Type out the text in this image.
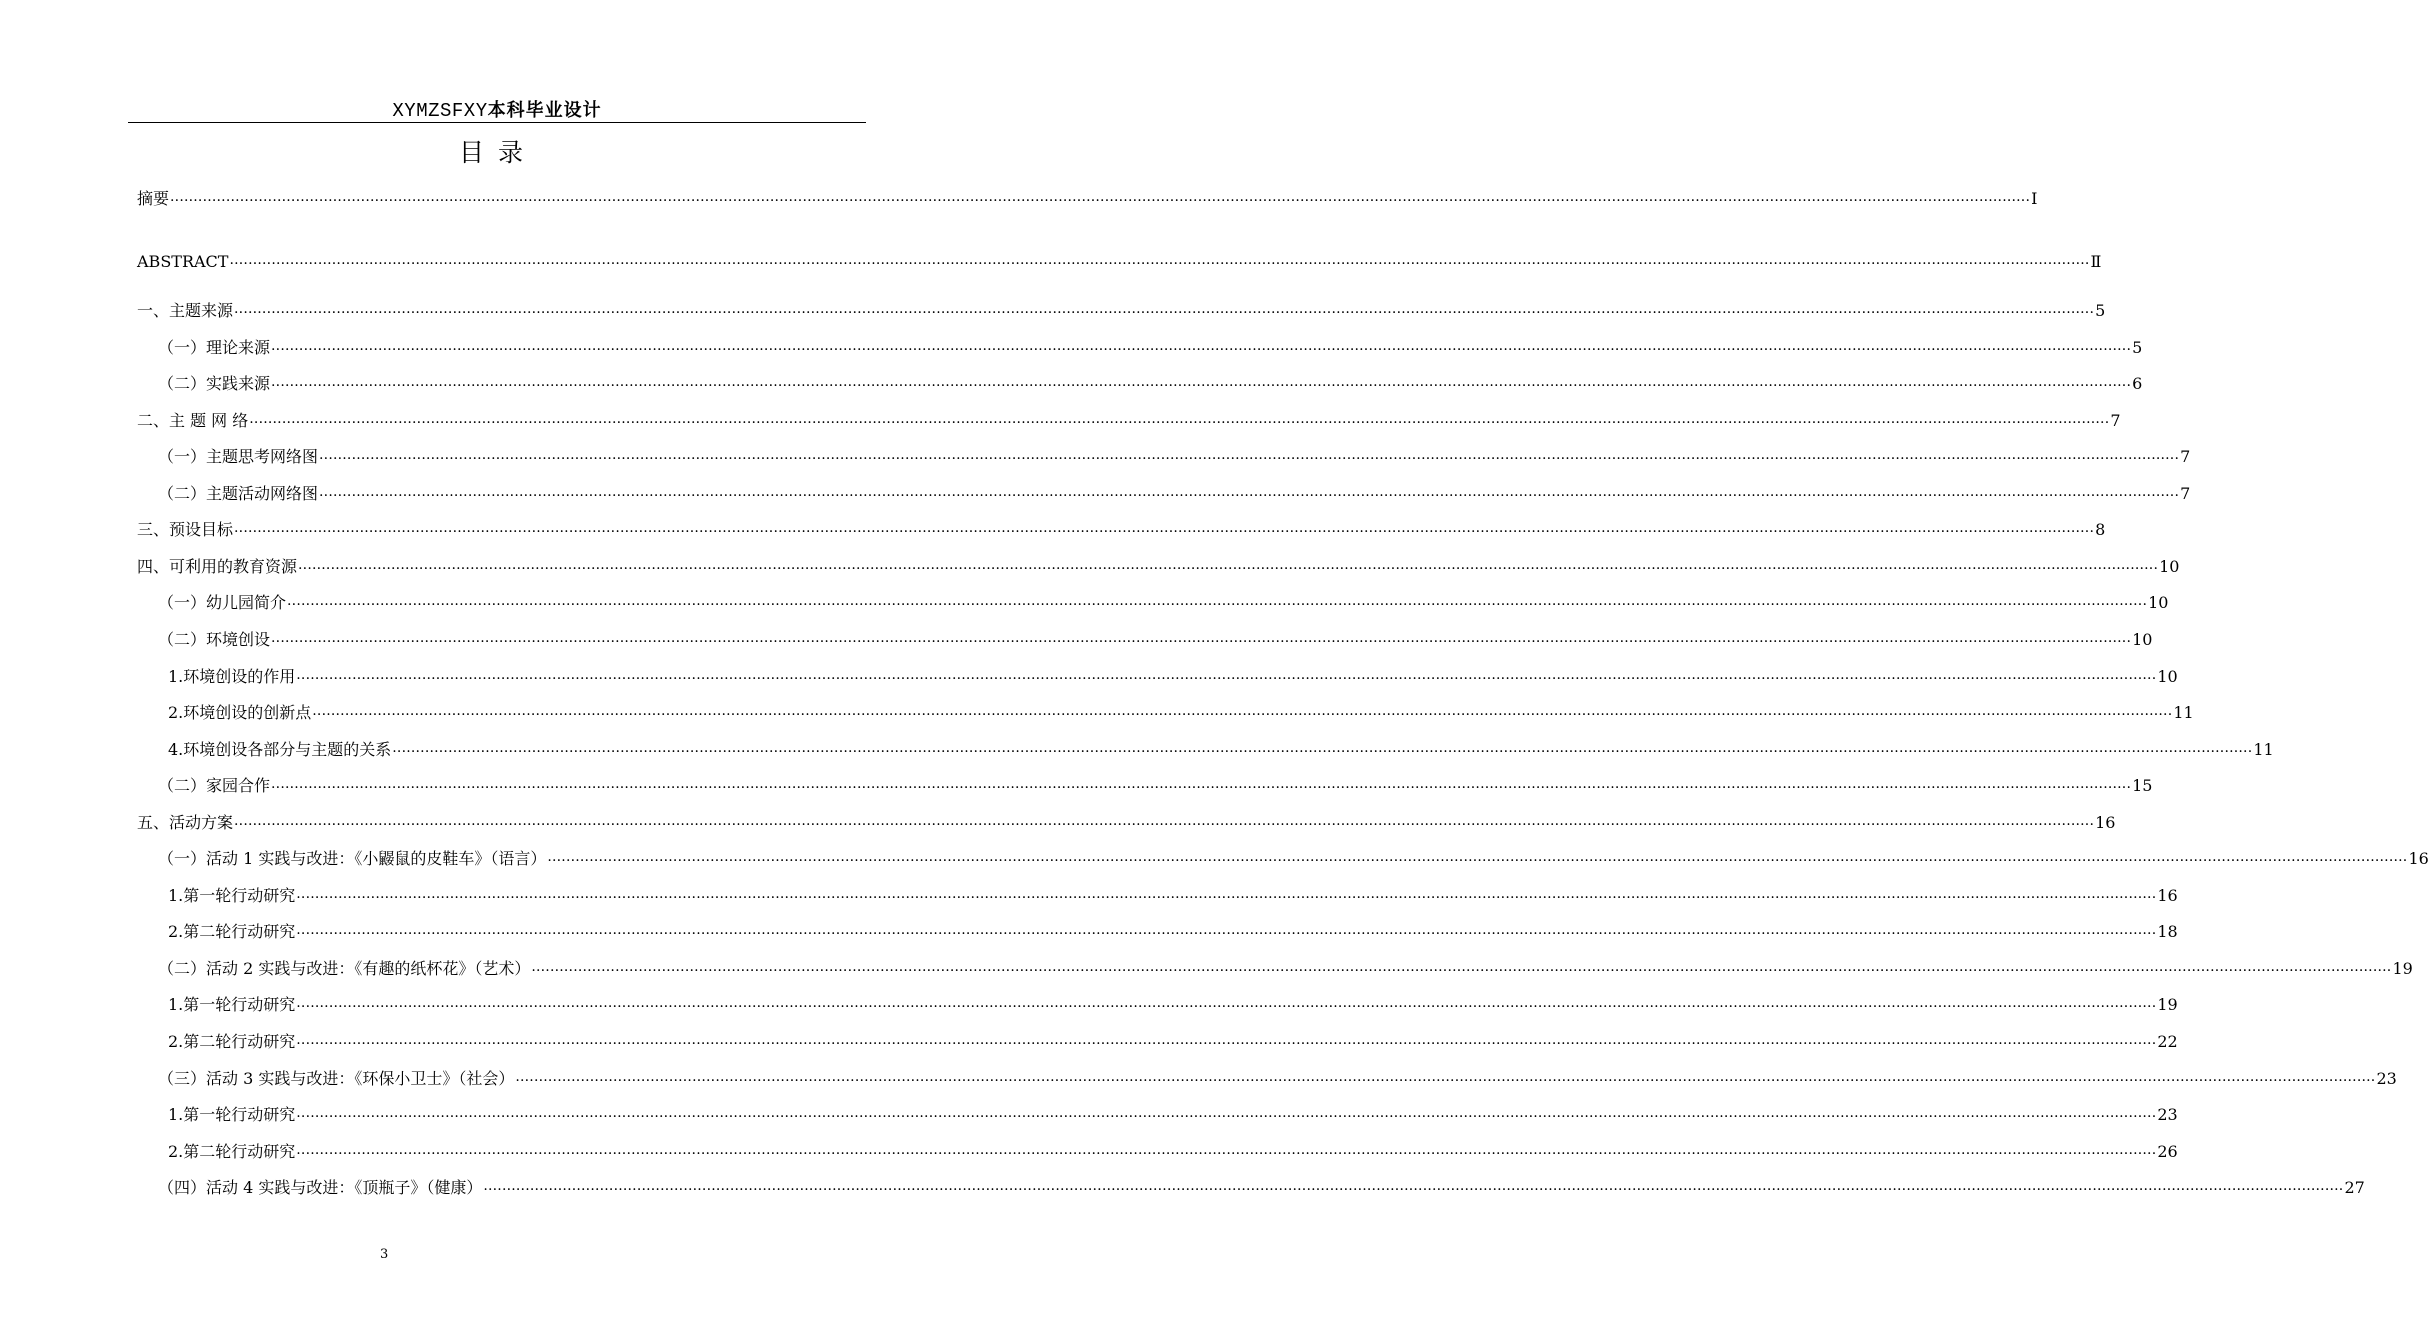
XYMZSFXY本科毕业设计
目录
摘要 ................................................................................................................................................................................................................................................................................................................................................................................................................ Ⅰ
ABSTRACT ................................................................................................................................................................................................................................................................................................................................................................................................................ Ⅱ
一、主题来源 ................................................................................................................................................................................................................................................................................................................................................................................................................ 5
（一）理论来源 ................................................................................................................................................................................................................................................................................................................................................................................................................ 5
（二）实践来源 ................................................................................................................................................................................................................................................................................................................................................................................................................ 6
二、主 题 网 络 ................................................................................................................................................................................................................................................................................................................................................................................................................ 7
（一）主题思考网络图 ................................................................................................................................................................................................................................................................................................................................................................................................................ 7
（二）主题活动网络图 ................................................................................................................................................................................................................................................................................................................................................................................................................ 7
三、预设目标 ................................................................................................................................................................................................................................................................................................................................................................................................................ 8
四、可利用的教育资源 ................................................................................................................................................................................................................................................................................................................................................................................................................ 10
（一）幼儿园简介 ................................................................................................................................................................................................................................................................................................................................................................................................................ 10
（二）环境创设 ................................................................................................................................................................................................................................................................................................................................................................................................................ 10
1.环境创设的作用 ................................................................................................................................................................................................................................................................................................................................................................................................................ 10
2.环境创设的创新点 ................................................................................................................................................................................................................................................................................................................................................................................................................ 11
4.环境创设各部分与主题的关系 ................................................................................................................................................................................................................................................................................................................................................................................................................ 11
（二）家园合作 ................................................................................................................................................................................................................................................................................................................................................................................................................ 15
五、活动方案 ................................................................................................................................................................................................................................................................................................................................................................................................................ 16
（一）活动 1 实践与改进：《小鼹鼠的皮鞋车》（语言） ................................................................................................................................................................................................................................................................................................................................................................................................................ 16
1.第一轮行动研究 ................................................................................................................................................................................................................................................................................................................................................................................................................ 16
2.第二轮行动研究 ................................................................................................................................................................................................................................................................................................................................................................................................................ 18
（二）活动 2 实践与改进：《有趣的纸杯花》（艺术） ................................................................................................................................................................................................................................................................................................................................................................................................................ 19
1.第一轮行动研究 ................................................................................................................................................................................................................................................................................................................................................................................................................ 19
2.第二轮行动研究 ................................................................................................................................................................................................................................................................................................................................................................................................................ 22
（三）活动 3 实践与改进：《环保小卫士》（社会） ................................................................................................................................................................................................................................................................................................................................................................................................................ 23
1.第一轮行动研究 ................................................................................................................................................................................................................................................................................................................................................................................................................ 23
2.第二轮行动研究 ................................................................................................................................................................................................................................................................................................................................................................................................................ 26
（四）活动 4 实践与改进：《顶瓶子》（健康） ................................................................................................................................................................................................................................................................................................................................................................................................................ 27
3
